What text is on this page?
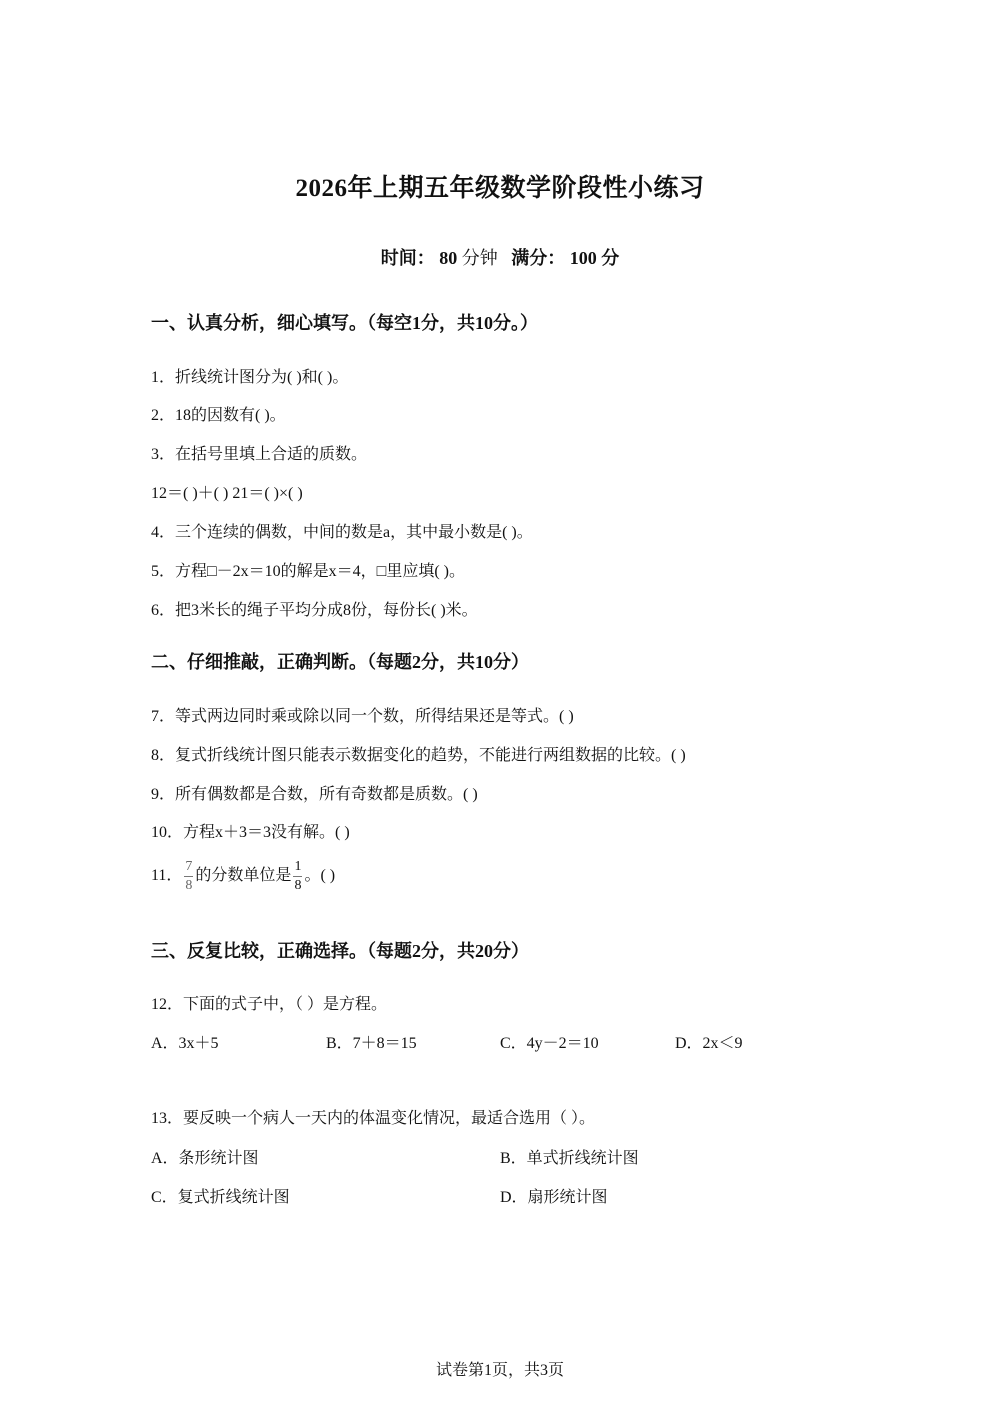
2026年上期五年级数学阶段性小练习
时间： 80 分钟 满分： 100 分
一、认真分析，细心填写。（每空1分，共10分。）
1．折线统计图分为( )和( )。
2．18的因数有( )。
3．在括号里填上合适的质数。
12＝( )＋( ) 21＝( )×( )
4．三个连续的偶数，中间的数是a，其中最小数是( )。
5．方程□－2x＝10的解是x＝4，□里应填( )。
6．把3米长的绳子平均分成8份，每份长( )米。
二、仔细推敲，正确判断。（每题2分，共10分）
7．等式两边同时乘或除以同一个数，所得结果还是等式。( )
8．复式折线统计图只能表示数据变化的趋势，不能进行两组数据的比较。( )
9．所有偶数都是合数，所有奇数都是质数。( )
10．方程x＋3＝3没有解。( )
11． $\frac{7}{8}$ 的分数单位是 $\frac{1}{8}$ 。( )
三、反复比较，正确选择。（每题2分，共20分）
12．下面的式子中，（ ）是方程。
A．3x＋5	B．7＋8＝15	C．4y－2＝10	D．2x＜9
13．要反映一个病人一天内的体温变化情况，最适合选用（ ）。
A．条形统计图	B．单式折线统计图
C．复式折线统计图	D．扇形统计图
试卷第1页，共3页
